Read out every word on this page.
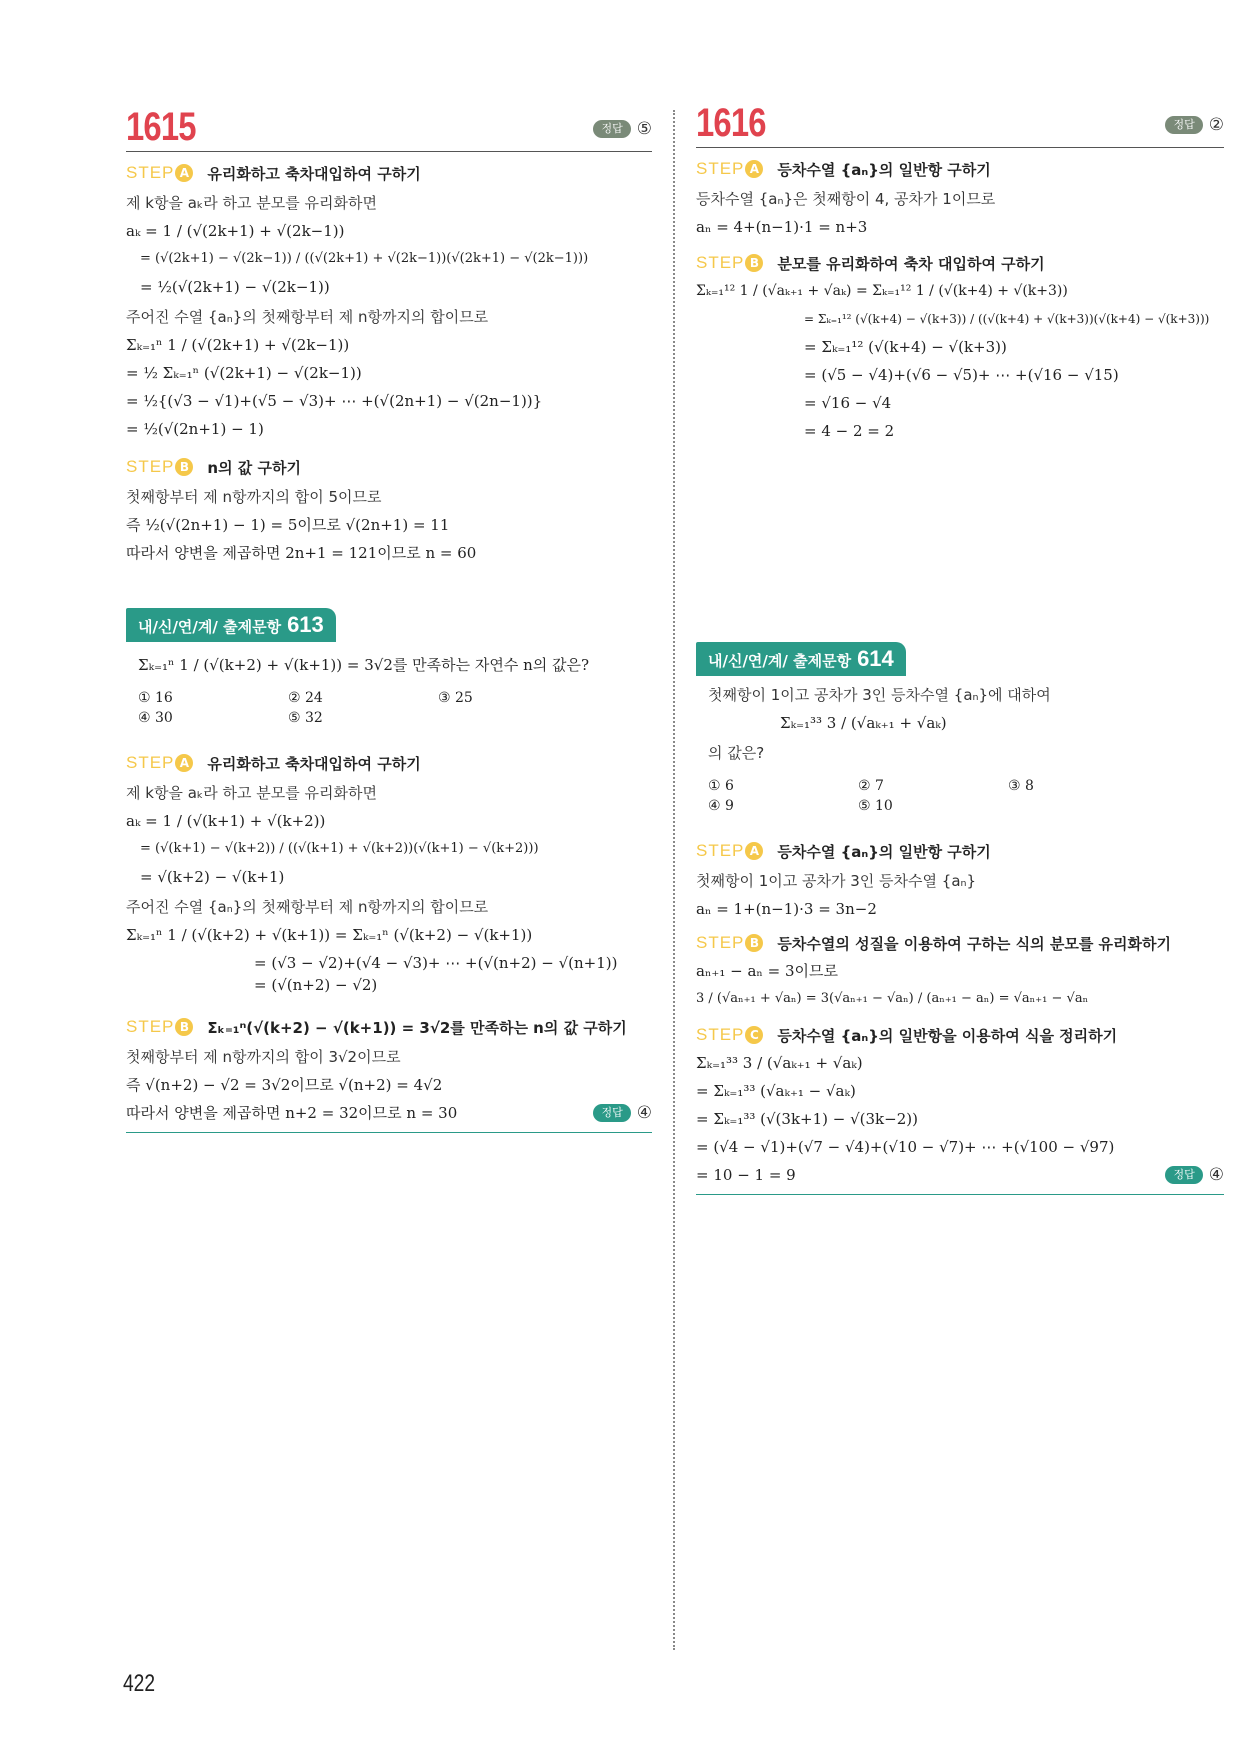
1615	정답 ⑤
STEP A 유리화하고 축차대입하여 구하기
제 k항을 aₖ라 하고 분모를 유리화하면
aₖ = 1 / (√(2k+1) + √(2k−1))
= (√(2k+1) − √(2k−1)) / ((√(2k+1) + √(2k−1))(√(2k+1) − √(2k−1)))
= ½(√(2k+1) − √(2k−1))
주어진 수열 {aₙ}의 첫째항부터 제 n항까지의 합이므로
Σₖ₌₁ⁿ 1 / (√(2k+1) + √(2k−1))
= ½ Σₖ₌₁ⁿ (√(2k+1) − √(2k−1))
= ½{(√3 − √1)+(√5 − √3)+ ⋯ +(√(2n+1) − √(2n−1))}
= ½(√(2n+1) − 1)
STEP B n의 값 구하기
첫째항부터 제 n항까지의 합이 5이므로
즉 ½(√(2n+1) − 1) = 5이므로 √(2n+1) = 11
따라서 양변을 제곱하면 2n+1 = 121이므로 n = 60
내/신/연/계/ 출제문항 613
Σₖ₌₁ⁿ 1 / (√(k+2) + √(k+1)) = 3√2를 만족하는 자연수 n의 값은?
① 16	② 24	③ 25
④ 30	⑤ 32
STEP A 유리화하고 축차대입하여 구하기
제 k항을 aₖ라 하고 분모를 유리화하면
aₖ = 1 / (√(k+1) + √(k+2))
= (√(k+1) − √(k+2)) / ((√(k+1) + √(k+2))(√(k+1) − √(k+2)))
= √(k+2) − √(k+1)
주어진 수열 {aₙ}의 첫째항부터 제 n항까지의 합이므로
Σₖ₌₁ⁿ 1 / (√(k+2) + √(k+1)) = Σₖ₌₁ⁿ (√(k+2) − √(k+1))
= (√3 − √2)+(√4 − √3)+ ⋯ +(√(n+2) − √(n+1))
= (√(n+2) − √2)
STEP B Σₖ₌₁ⁿ(√(k+2) − √(k+1)) = 3√2를 만족하는 n의 값 구하기
첫째항부터 제 n항까지의 합이 3√2이므로
즉 √(n+2) − √2 = 3√2이므로 √(n+2) = 4√2
따라서 양변을 제곱하면 n+2 = 32이므로 n = 30	정답 ④
1616	정답 ②
STEP A 등차수열 {aₙ}의 일반항 구하기
등차수열 {aₙ}은 첫째항이 4, 공차가 1이므로
aₙ = 4+(n−1)·1 = n+3
STEP B 분모를 유리화하여 축차 대입하여 구하기
Σₖ₌₁¹² 1 / (√aₖ₊₁ + √aₖ) = Σₖ₌₁¹² 1 / (√(k+4) + √(k+3))
= Σₖ₌₁¹² (√(k+4) − √(k+3)) / ((√(k+4) + √(k+3))(√(k+4) − √(k+3)))
= Σₖ₌₁¹² (√(k+4) − √(k+3))
= (√5 − √4)+(√6 − √5)+ ⋯ +(√16 − √15)
= √16 − √4
= 4 − 2 = 2
내/신/연/계/ 출제문항 614
첫째항이 1이고 공차가 3인 등차수열 {aₙ}에 대하여
Σₖ₌₁³³ 3 / (√aₖ₊₁ + √aₖ)
의 값은?
① 6	② 7	③ 8
④ 9	⑤ 10
STEP A 등차수열 {aₙ}의 일반항 구하기
첫째항이 1이고 공차가 3인 등차수열 {aₙ}
aₙ = 1+(n−1)·3 = 3n−2
STEP B 등차수열의 성질을 이용하여 구하는 식의 분모를 유리화하기
aₙ₊₁ − aₙ = 3이므로
3 / (√aₙ₊₁ + √aₙ) = 3(√aₙ₊₁ − √aₙ) / (aₙ₊₁ − aₙ) = √aₙ₊₁ − √aₙ
STEP C	등차수열 {aₙ}의 일반항을 이용하여 식을 정리하기
Σₖ₌₁³³ 3 / (√aₖ₊₁ + √aₖ)
= Σₖ₌₁³³ (√aₖ₊₁ − √aₖ)
= Σₖ₌₁³³ (√(3k+1) − √(3k−2))
= (√4 − √1)+(√7 − √4)+(√10 − √7)+ ⋯ +(√100 − √97)
= 10 − 1 = 9	정답 ④
422
